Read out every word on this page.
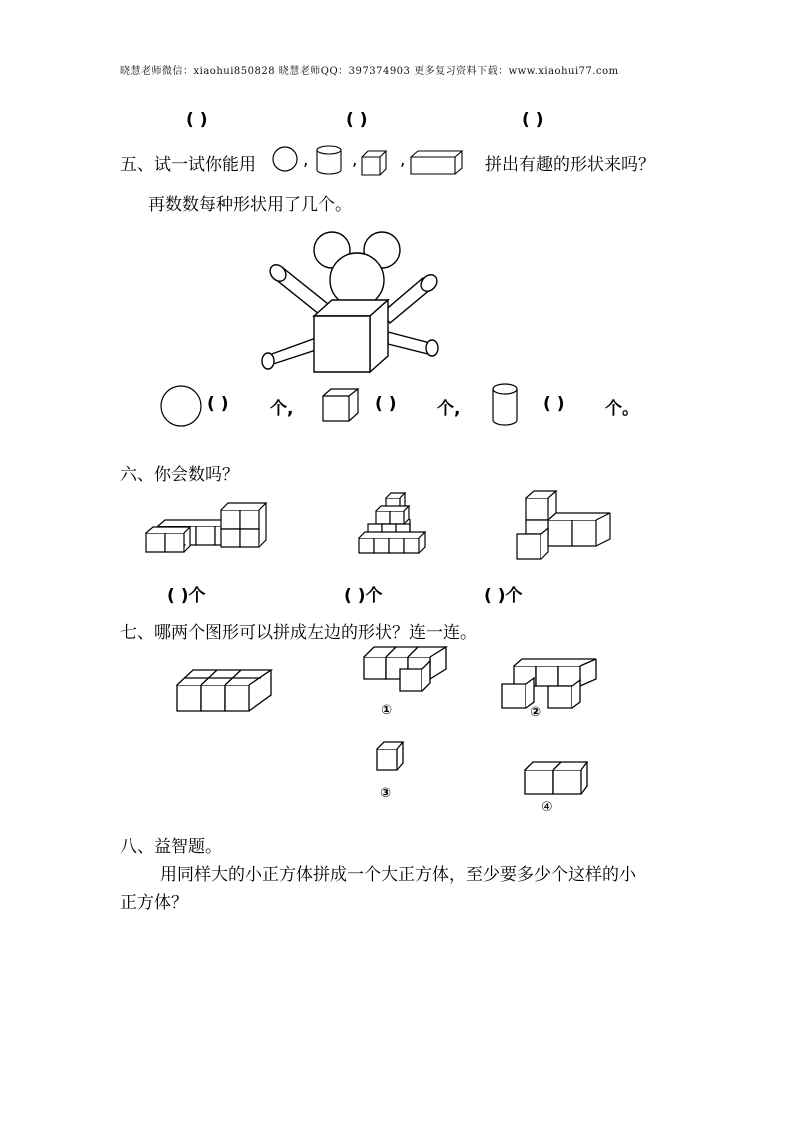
晓慧老师微信：xiaohui850828 晓慧老师QQ：397374903 更多复习资料下载：www.xiaohui77.com
( )	( )	( )
五、试一试你能用	,	,	,	拼出有趣的形状来吗？
再数数每种形状用了几个。
( ) 个,	( ) 个,	( ) 个。
六、你会数吗？
( )个	( )个	( )个
七、哪两个图形可以拼成左边的形状？连一连。
①	②
③
④
八、益智题。
用同样大的小正方体拼成一个大正方体，至少要多少个这样的小
正方体？
